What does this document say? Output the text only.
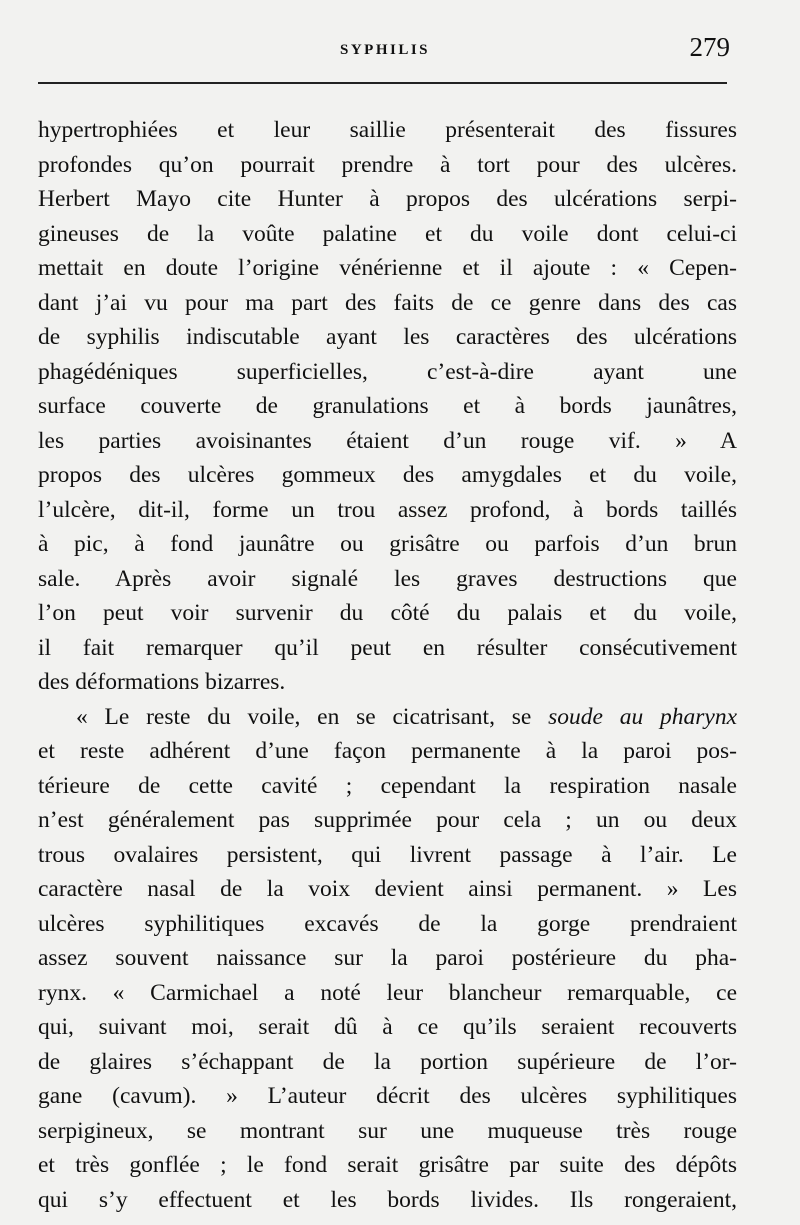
SYPHILIS	279
hypertrophiées et leur saillie présenterait des fissures
profondes qu’on pourrait prendre à tort pour des ulcères.
Herbert Mayo cite Hunter à propos des ulcérations serpi-
gineuses de la voûte palatine et du voile dont celui-ci
mettait en doute l’origine vénérienne et il ajoute : « Cepen-
dant j’ai vu pour ma part des faits de ce genre dans des cas
de syphilis indiscutable ayant les caractères des ulcérations
phagédéniques superficielles, c’est-à-dire ayant une
surface couverte de granulations et à bords jaunâtres,
les parties avoisinantes étaient d’un rouge vif. » A
propos des ulcères gommeux des amygdales et du voile,
l’ulcère, dit-il, forme un trou assez profond, à bords taillés
à pic, à fond jaunâtre ou grisâtre ou parfois d’un brun
sale. Après avoir signalé les graves destructions que
l’on peut voir survenir du côté du palais et du voile,
il fait remarquer qu’il peut en résulter consécutivement
des déformations bizarres.
« Le reste du voile, en se cicatrisant, se soude au pharynx
et reste adhérent d’une façon permanente à la paroi pos-
térieure de cette cavité ; cependant la respiration nasale
n’est généralement pas supprimée pour cela ; un ou deux
trous ovalaires persistent, qui livrent passage à l’air. Le
caractère nasal de la voix devient ainsi permanent. » Les
ulcères syphilitiques excavés de la gorge prendraient
assez souvent naissance sur la paroi postérieure du pha-
rynx. « Carmichael a noté leur blancheur remarquable, ce
qui, suivant moi, serait dû à ce qu’ils seraient recouverts
de glaires s’échappant de la portion supérieure de l’or-
gane (cavum). » L’auteur décrit des ulcères syphilitiques
serpigineux, se montrant sur une muqueuse très rouge
et très gonflée ; le fond serait grisâtre par suite des dépôts
qui s’y effectuent et les bords livides. Ils rongeraient,
